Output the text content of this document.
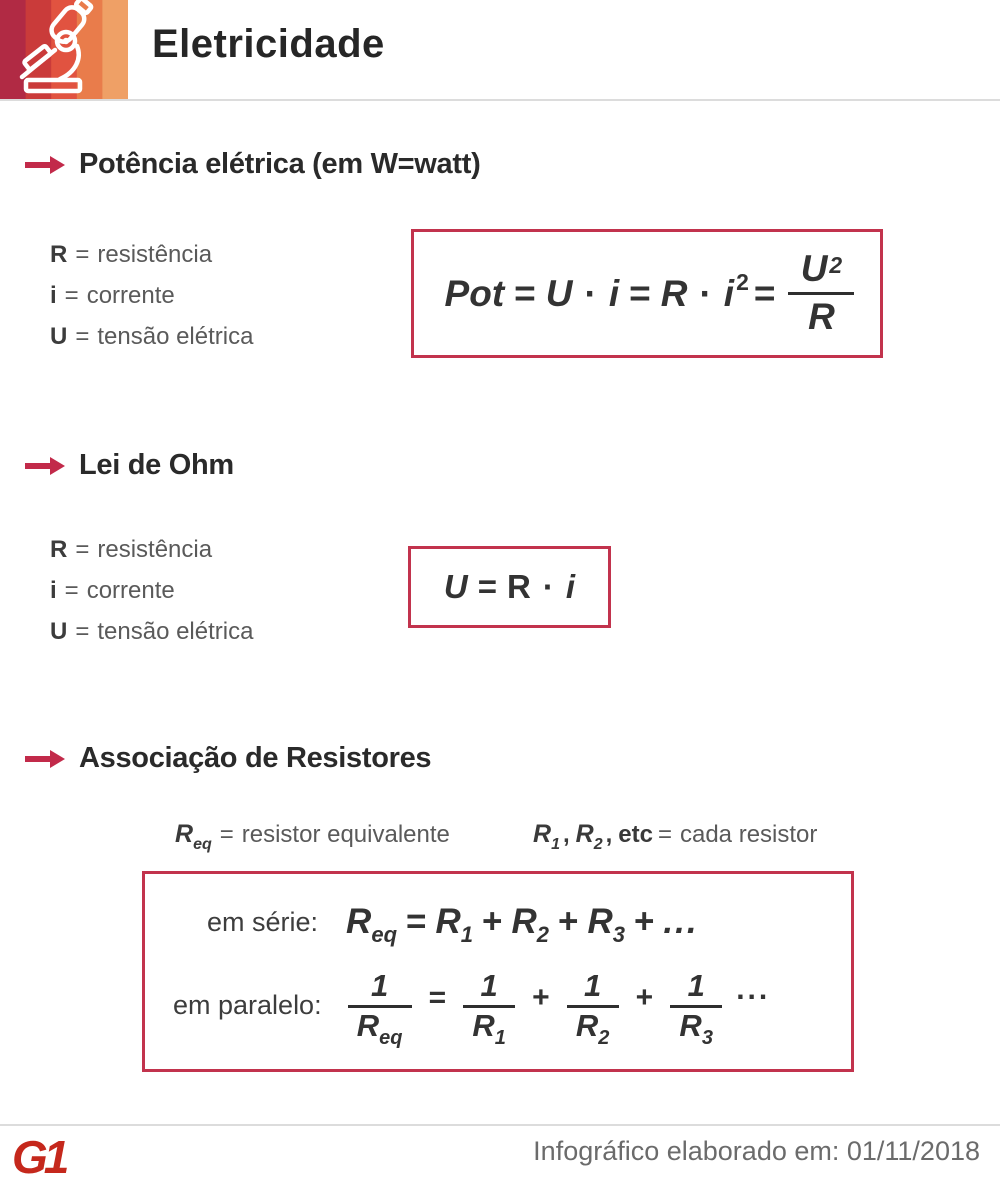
Eletricidade
Potência elétrica (em W=watt)
R = resistência
i = corrente
U = tensão elétrica
Pot = U · i = R · i $2 = \frac{U^2}{R}$
Lei de Ohm
R = resistência
i = corrente
U = tensão elétrica
U = R · i
Associação de Resistores
$R_{eq}$ = resistor equivalente	$R_1$ , $R_2$ , etc = cada resistor
em série: R eq = R 1 + R 2 + R 3 + ...
em paralelo:
1
$R_{eq}$
= 1
$R_1$
+ 1
$R_2$
+ 1
$R_3$
...
G1	Infográfico elaborado em: 01/11/2018
